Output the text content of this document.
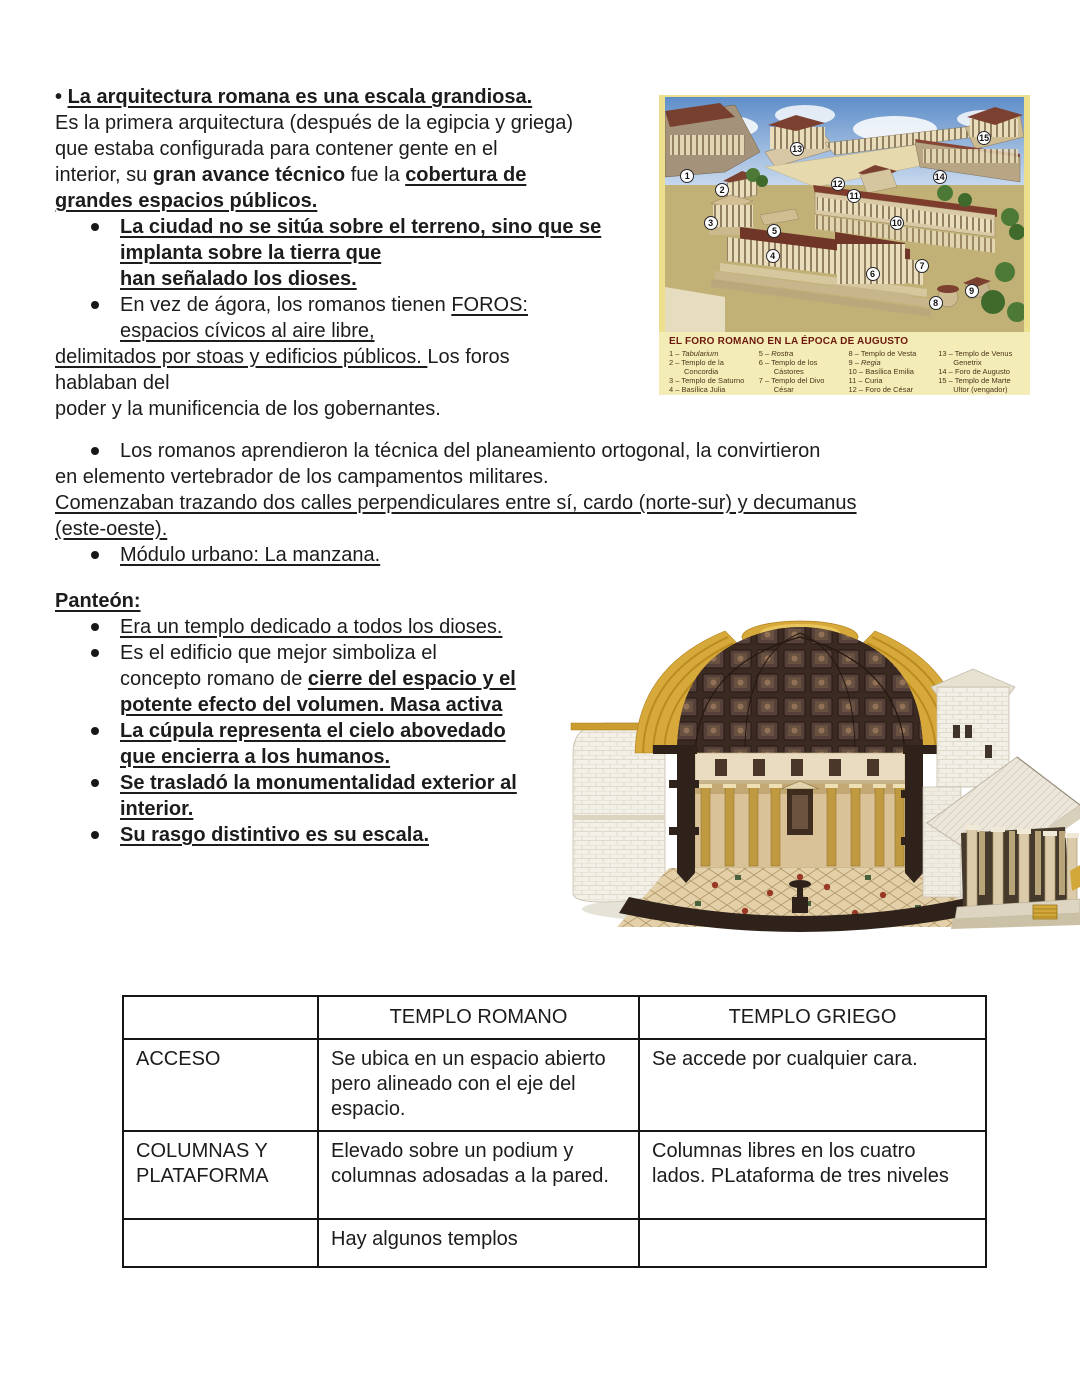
• La arquitectura romana es una escala grandiosa.
Es la primera arquitectura (después de la egipcia y griega)
que estaba configurada para contener gente en el
interior, su gran avance técnico fue la cobertura de
grandes espacios públicos.
La ciudad no se sitúa sobre el terreno, sino que se
implanta sobre la tierra que
han señalado los dioses.
En vez de ágora, los romanos tienen FOROS:
espacios cívicos al aire libre,
delimitados por stoas y edificios públicos. Los foros
hablaban del
poder y la munificencia de los gobernantes.
Los romanos aprendieron la técnica del planeamiento ortogonal, la convirtieron
en elemento vertebrador de los campamentos militares.
Comenzaban trazando dos calles perpendiculares entre sí, cardo (norte-sur) y decumanus
(este-oeste).
Módulo urbano: La manzana.
Panteón:
Era un templo dedicado a todos los dioses.
Es el edificio que mejor simboliza el
concepto romano de cierre del espacio y el
potente efecto del volumen. Masa activa
La cúpula representa el cielo abovedado
que encierra a los humanos.
Se trasladó la monumentalidad exterior al
interior.
Su rasgo distintivo es su escala.
1
2
3
4
5
6
7
8
9
10
11
12
13
14
15
EL FORO ROMANO EN LA ÉPOCA DE AUGUSTO
1 – Tabularium
2 – Templo de la Concordia
3 – Templo de Saturno
4 – Basílica Julia
5 – Rostra
6 – Templo de los Cástores
7 – Templo del Divo César
8 – Templo de Vesta
9 – Regia
10 – Basílica Emilia
11 – Curia
12 – Foro de César
13 – Templo de Venus Genetrix
14 – Foro de Augusto
15 – Templo de Marte Ultor (vengador)
	TEMPLO ROMANO	TEMPLO GRIEGO
ACCESO	Se ubica en un espacio abierto pero alineado con el eje del espacio.	Se accede por cualquier cara.
COLUMNAS Y PLATAFORMA	Elevado sobre un podium y columnas adosadas a la pared.	Columnas libres en los cuatro lados. PLataforma de tres niveles
	Hay algunos templos	
